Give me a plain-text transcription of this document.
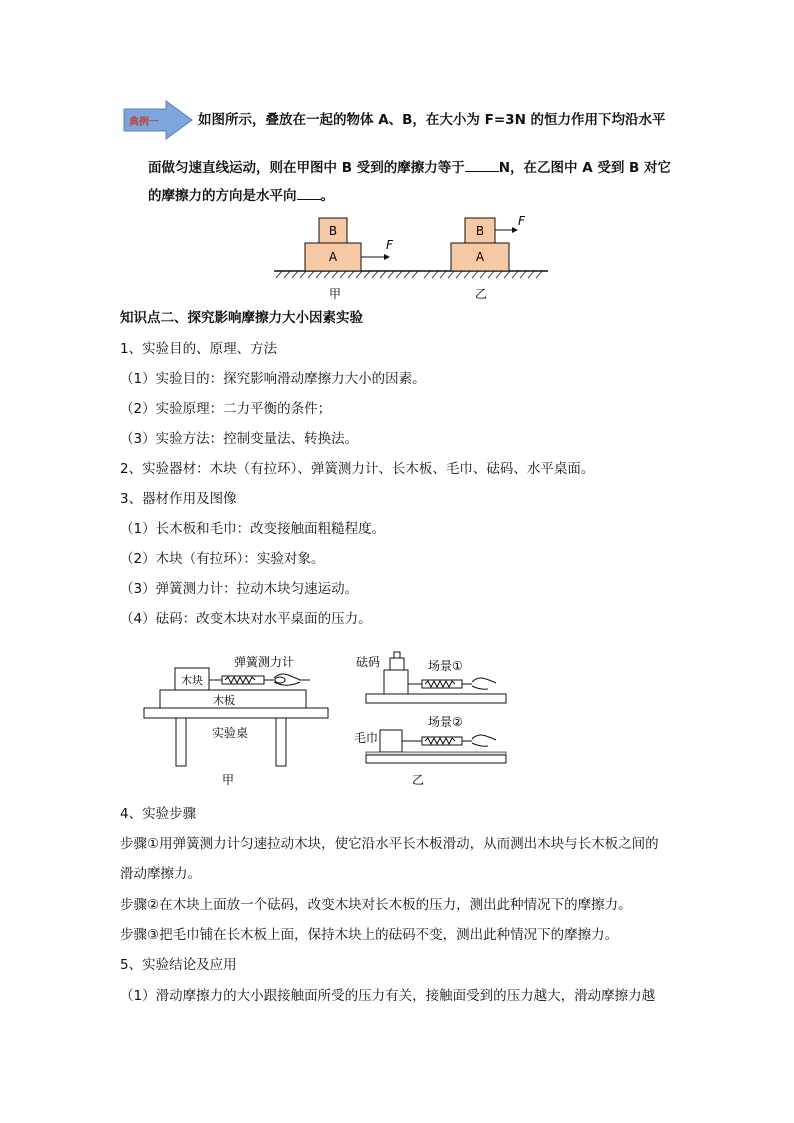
典例一	如图所示，叠放在一起的物体 A、B，在大小为 F=3N 的恒力作用下均沿水平
面做匀速直线运动，则在甲图中 B 受到的摩擦力等于	N，在乙图中 A 受到 B 对它
的摩擦力的方向是水平向 。
A
B
F
甲
A
B
F
乙
知识点二、探究影响摩擦力大小因素实验
1、实验目的、原理、方法
（1）实验目的：探究影响滑动摩擦力大小的因素。
（2）实验原理：二力平衡的条件；
（3）实验方法：控制变量法、转换法。
2、实验器材：木块（有拉环）、弹簧测力计、长木板、毛巾、砝码、水平桌面。
3、器材作用及图像
（1）长木板和毛巾：改变接触面粗糙程度。
（2）木块（有拉环）：实验对象。
（3）弹簧测力计：拉动木块匀速运动。
（4）砝码：改变木块对水平桌面的压力。
弹簧测力计
木块
木板
实验桌
甲
砝码	场景①
毛巾
场景②
乙
4、实验步骤
步骤①用弹簧测力计匀速拉动木块，使它沿水平长木板滑动，从而测出木块与长木板之间的
滑动摩擦力。
步骤②在木块上面放一个砝码，改变木块对长木板的压力，测出此种情况下的摩擦力。
步骤③把毛巾铺在长木板上面，保持木块上的砝码不变，测出此种情况下的摩擦力。
5、实验结论及应用
（1）滑动摩擦力的大小跟接触面所受的压力有关，接触面受到的压力越大，滑动摩擦力越
